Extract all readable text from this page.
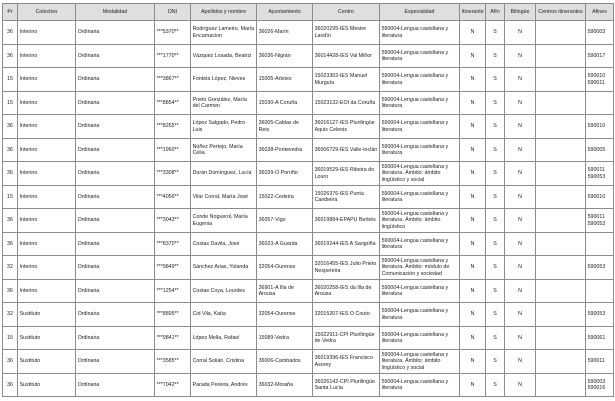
Pr	Colectivo	Modalidad	DNI	Apellidos y nombre	Ayuntamiento	Centro	Especialidad	Itinerante	Afín	Bilingüe	Centros itinerantes	Afines
36	Interino	Ordinaria	***5370**	Rodríguez Lameiro, María Encarnacion	36026-Marín	36020295-IES Mestre Landín	590004-Lengua castellana y literatura	N	S	N		590003
36	Interino	Ordinaria	***1770**	Vázquez Losada, Beatriz	36036-Nigrán	36014428-IES Val Miñor	590004-Lengua castellana y literatura	N	S	N		590017
15	Interino	Ordinaria	***3867**	Fontela López, Nieves	15005-Arteixo	15023302-IES Manuel Murguía	590004-Lengua castellana y literatura	N	S	N		590010
590011
15	Interino	Ordinaria	***8854**	Prieto González, María del Carmen	15030-A Coruña	15023132-EOI da Coruña	590004-Lengua castellana y literatura	N	S	N		
36	Interino	Ordinaria	***8265**	López Salgado, Pedro Luis	36005-Caldas de Reis	36016127-IES Plurilingüe Aquis Celenis	590004-Lengua castellana y literatura	N	S	N		590010
36	Interino	Ordinaria	***1960**	Núñez Pertejo, María Celia	36038-Pontevedra	36006729-IES Valle-Inclán	590004-Lengua castellana y literatura	N	S	N		590005
36	Interino	Ordinaria	***3308**	Durán Domínguez, Lucía	36039-O Porriño	36019529-IES Ribeira do Louro	590004-Lengua castellana y literatura. Ámbito: ámbito lingüístico y social	N	S	N		590011
590053
15	Interino	Ordinaria	***4056**	Vilar Corral, María José	15022-Cedeira	15026376-IES Punta Candieira	590004-Lengua castellana y literatura	N	S	N		590010
36	Interino	Ordinaria	***3043**	Conde Noguerol, María Eugenia	36057-Vigo	36019884-EPAPU Berbés	590004-Lengua castellana y literatura. Ámbito: ámbito lingüístico	N	S	N		590011
590053
36	Interino	Ordinaria	***8370**	Costas Davila, José	36023-A Guarda	36019244-IES A Sangriña	590004-Lengua castellana y literatura	N	S	N		
32	Interino	Ordinaria	***9849**	Sánchez Arias, Yolanda	32054-Ourense	32016455-IES Julio Prieto Nespereira	590004-Lengua castellana y literatura. Ámbito: módulo de Comunicación y sociedad	N	S	N		590053
36	Interino	Ordinaria	***1254**	Costas Coya, Lourdes	36901-A Illa de Arousa	36020258-IES da Illa de Arousa	590004-Lengua castellana y literatura	N	S	N		
32	Sustituto	Ordinaria	***8895**	Cid Vila, Katia	32054-Ourense	32015207-IES O Couto	590004-Lengua castellana y literatura	N	S	N		590053
15	Sustituto	Ordinaria	***9841**	López Mella, Rafael	15089-Vedra	15022911-CPI Plurilingüe de Vedra	590004-Lengua castellana y literatura	N	S	N		590061
36	Sustituto	Ordinaria	***3585**	Corral Solián, Cristina	36006-Cambados	36019396-IES Francisco Asorey	590004-Lengua castellana y literatura. Ámbito: ámbito lingüístico y social	N	S	N		590011
36	Sustituto	Ordinaria	***7042**	Parada Pereira, Andrés	36032-Moraña	36026142-CPI Plurilingüe Santa Lucía	590004-Lengua castellana y literatura	N	S	N		590003
590016
